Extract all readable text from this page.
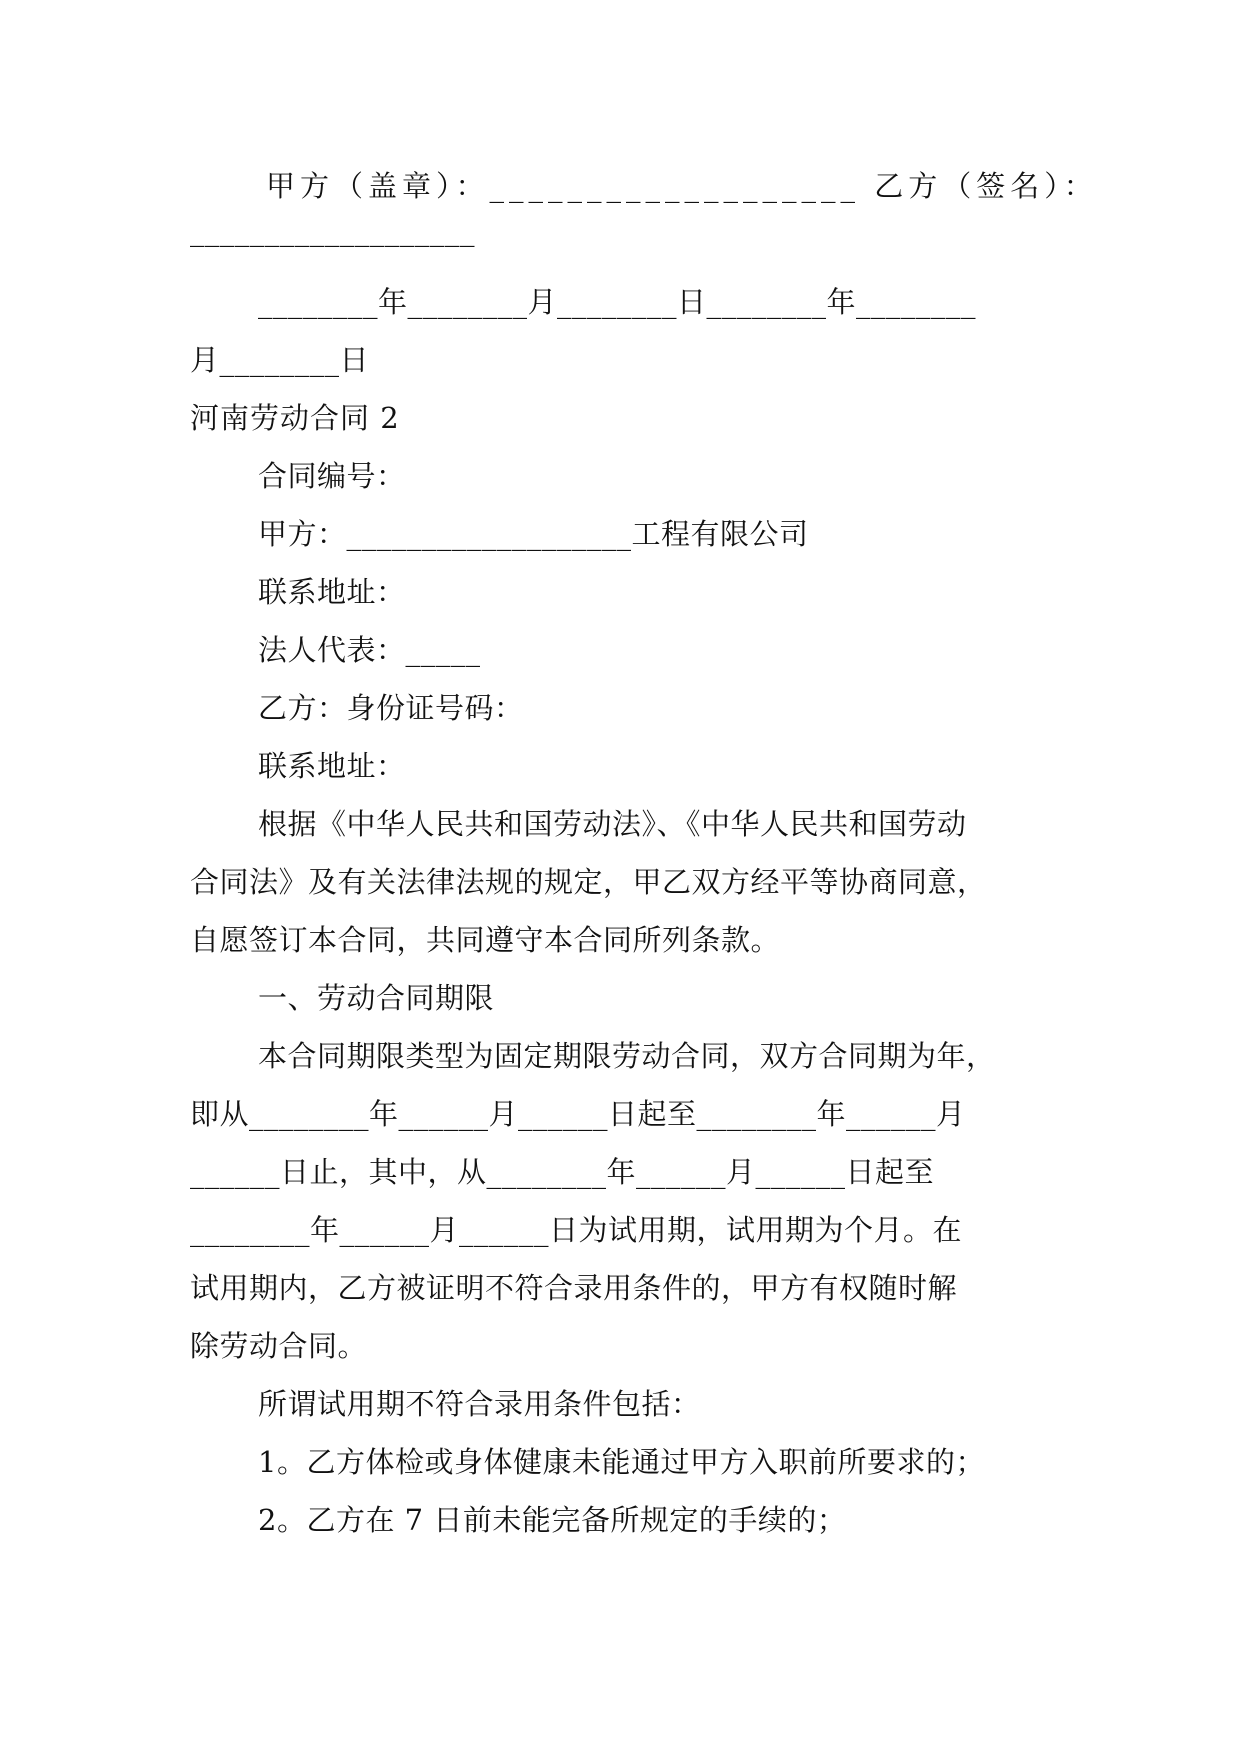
甲方（盖章）：___________________ 乙方（签名）：
___________________
________年________月________日________年________
月________日
河南劳动合同 2
合同编号：
甲方：___________________工程有限公司
联系地址：
法人代表：_____
乙方：身份证号码：
联系地址：
根据《中华人民共和国劳动法》、《中华人民共和国劳动
合同法》及有关法律法规的规定，甲乙双方经平等协商同意，
自愿签订本合同，共同遵守本合同所列条款。
一、劳动合同期限
本合同期限类型为固定期限劳动合同，双方合同期为年，
即从________年______月______日起至________年______月
______日止，其中，从________年______月______日起至
________年______月______日为试用期，试用期为个月。在
试用期内，乙方被证明不符合录用条件的，甲方有权随时解
除劳动合同。
所谓试用期不符合录用条件包括：
1。乙方体检或身体健康未能通过甲方入职前所要求的；
2。乙方在 7 日前未能完备所规定的手续的；
